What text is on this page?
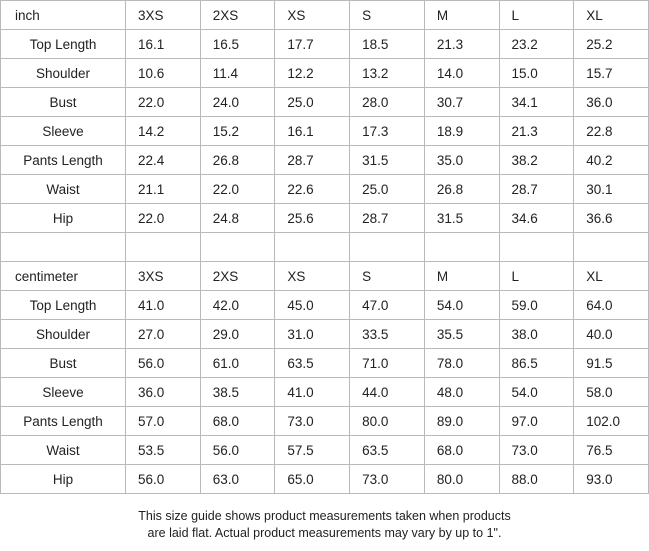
inch	3XS	2XS	XS	S	M	L	XL
Top Length	16.1	16.5	17.7	18.5	21.3	23.2	25.2
Shoulder	10.6	11.4	12.2	13.2	14.0	15.0	15.7
Bust	22.0	24.0	25.0	28.0	30.7	34.1	36.0
Sleeve	14.2	15.2	16.1	17.3	18.9	21.3	22.8
Pants Length	22.4	26.8	28.7	31.5	35.0	38.2	40.2
Waist	21.1	22.0	22.6	25.0	26.8	28.7	30.1
Hip	22.0	24.8	25.6	28.7	31.5	34.6	36.6

centimeter	3XS	2XS	XS	S	M	L	XL
Top Length	41.0	42.0	45.0	47.0	54.0	59.0	64.0
Shoulder	27.0	29.0	31.0	33.5	35.5	38.0	40.0
Bust	56.0	61.0	63.5	71.0	78.0	86.5	91.5
Sleeve	36.0	38.5	41.0	44.0	48.0	54.0	58.0
Pants Length	57.0	68.0	73.0	80.0	89.0	97.0	102.0
Waist	53.5	56.0	57.5	63.5	68.0	73.0	76.5
Hip	56.0	63.0	65.0	73.0	80.0	88.0	93.0
This size guide shows product measurements taken when products
are laid flat. Actual product measurements may vary by up to 1".
